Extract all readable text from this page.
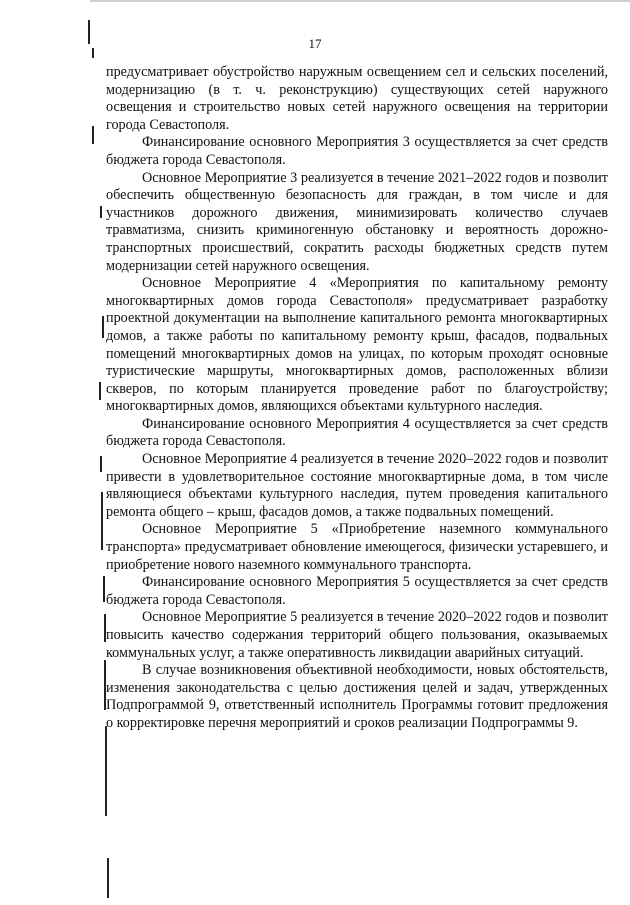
17

предусматривает обустройство наружным освещением сел и сельских поселений, модернизацию (в т. ч. реконструкцию) существующих сетей наружного освещения и строительство новых сетей наружного освещения на территории города Севастополя.

Финансирование основного Мероприятия 3 осуществляется за счет средств бюджета города Севастополя.

Основное Мероприятие 3 реализуется в течение 2021–2022 годов и позволит обеспечить общественную безопасность для граждан, в том числе и для участников дорожного движения, минимизировать количество случаев травматизма, снизить криминогенную обстановку и вероятность дорожно-транспортных происшествий, сократить расходы бюджетных средств путем модернизации сетей наружного освещения.

Основное Мероприятие 4 «Мероприятия по капитальному ремонту многоквартирных домов города Севастополя» предусматривает разработку проектной документации на выполнение капитального ремонта многоквартирных домов, а также работы по капитальному ремонту крыш, фасадов, подвальных помещений многоквартирных домов на улицах, по которым проходят основные туристические маршруты, многоквартирных домов, расположенных вблизи скверов, по которым планируется проведение работ по благоустройству; многоквартирных домов, являющихся объектами культурного наследия.

Финансирование основного Мероприятия 4 осуществляется за счет средств бюджета города Севастополя.

Основное Мероприятие 4 реализуется в течение 2020–2022 годов и позволит привести в удовлетворительное состояние многоквартирные дома, в том числе являющиеся объектами культурного наследия, путем проведения капитального ремонта общего – крыш, фасадов домов, а также подвальных помещений.

Основное Мероприятие 5 «Приобретение наземного коммунального транспорта» предусматривает обновление имеющегося, физически устаревшего, и приобретение нового наземного коммунального транспорта.

Финансирование основного Мероприятия 5 осуществляется за счет средств бюджета города Севастополя.

Основное Мероприятие 5 реализуется в течение 2020–2022 годов и позволит повысить качество содержания территорий общего пользования, оказываемых коммунальных услуг, а также оперативность ликвидации аварийных ситуаций.

В случае возникновения объективной необходимости, новых обстоятельств, изменения законодательства с целью достижения целей и задач, утвержденных Подпрограммой 9, ответственный исполнитель Программы готовит предложения о корректировке перечня мероприятий и сроков реализации Подпрограммы 9.
